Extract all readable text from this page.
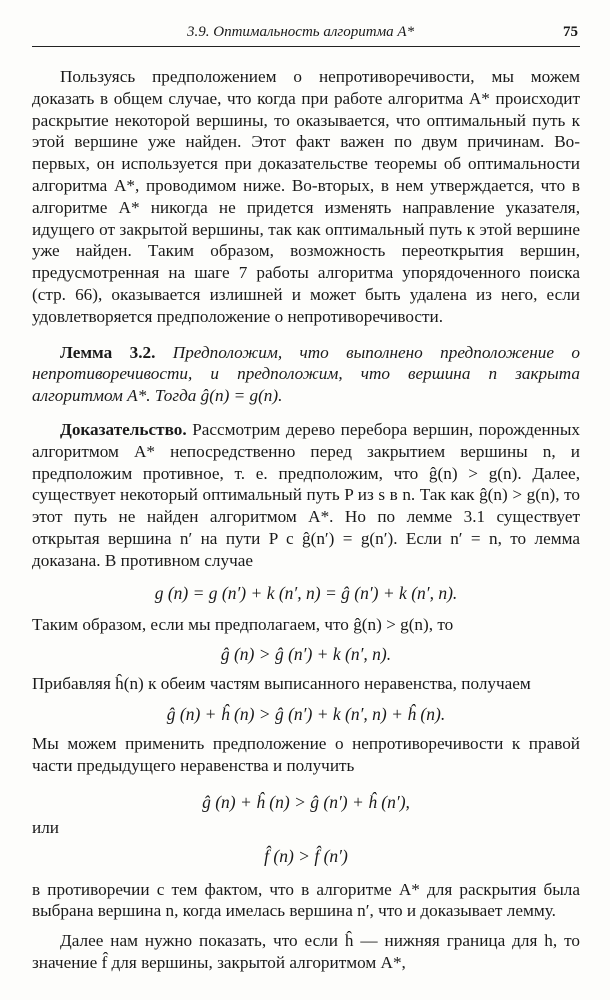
3.9. Оптимальность алгоритма A*	75

Пользуясь предположением о непротиворечивости, мы можем доказать в общем случае, что когда при работе алгоритма A* происходит раскрытие некоторой вершины, то оказывается, что оптимальный путь к этой вершине уже найден. Этот факт важен по двум причинам. Во-первых, он используется при доказательстве теоремы об оптимальности алгоритма A*, проводимом ниже. Во-вторых, в нем утверждается, что в алгоритме A* никогда не придется изменять направление указателя, идущего от закрытой вершины, так как оптимальный путь к этой вершине уже найден. Таким образом, возможность переоткрытия вершин, предусмотренная на шаге 7 работы алгоритма упорядоченного поиска (стр. 66), оказывается излишней и может быть удалена из него, если удовлетворяется предположение о непротиворечивости.

Лемма 3.2. Предположим, что выполнено предположение о непротиворечивости, и предположим, что вершина n закрыта алгоритмом A*. Тогда ĝ(n) = g(n).

Доказательство. Рассмотрим дерево перебора вершин, порожденных алгоритмом A* непосредственно перед закрытием вершины n, и предположим противное, т. е. предположим, что ĝ(n) > g(n). Далее, существует некоторый оптимальный путь P из s в n. Так как ĝ(n) > g(n), то этот путь не найден алгоритмом A*. Но по лемме 3.1 существует открытая вершина n′ на пути P с ĝ(n′) = g(n′). Если n′ = n, то лемма доказана. В противном случае

g (n) = g (n′) + k (n′, n) = ĝ (n′) + k (n′, n).

Таким образом, если мы предполагаем, что ĝ(n) > g(n), то

ĝ (n) > ĝ (n′) + k (n′, n).

Прибавляя ĥ(n) к обеим частям выписанного неравенства, получаем

ĝ (n) + ĥ (n) > ĝ (n′) + k (n′, n) + ĥ (n).

Мы можем применить предположение о непротиворечивости к правой части предыдущего неравенства и получить

ĝ (n) + ĥ (n) > ĝ (n′) + ĥ (n′),

или

f̂ (n) > f̂ (n′)

в противоречии с тем фактом, что в алгоритме A* для раскрытия была выбрана вершина n, когда имелась вершина n′, что и доказывает лемму.

Далее нам нужно показать, что если ĥ — нижняя граница для h, то значение f̂ для вершины, закрытой алгоритмом A*,
